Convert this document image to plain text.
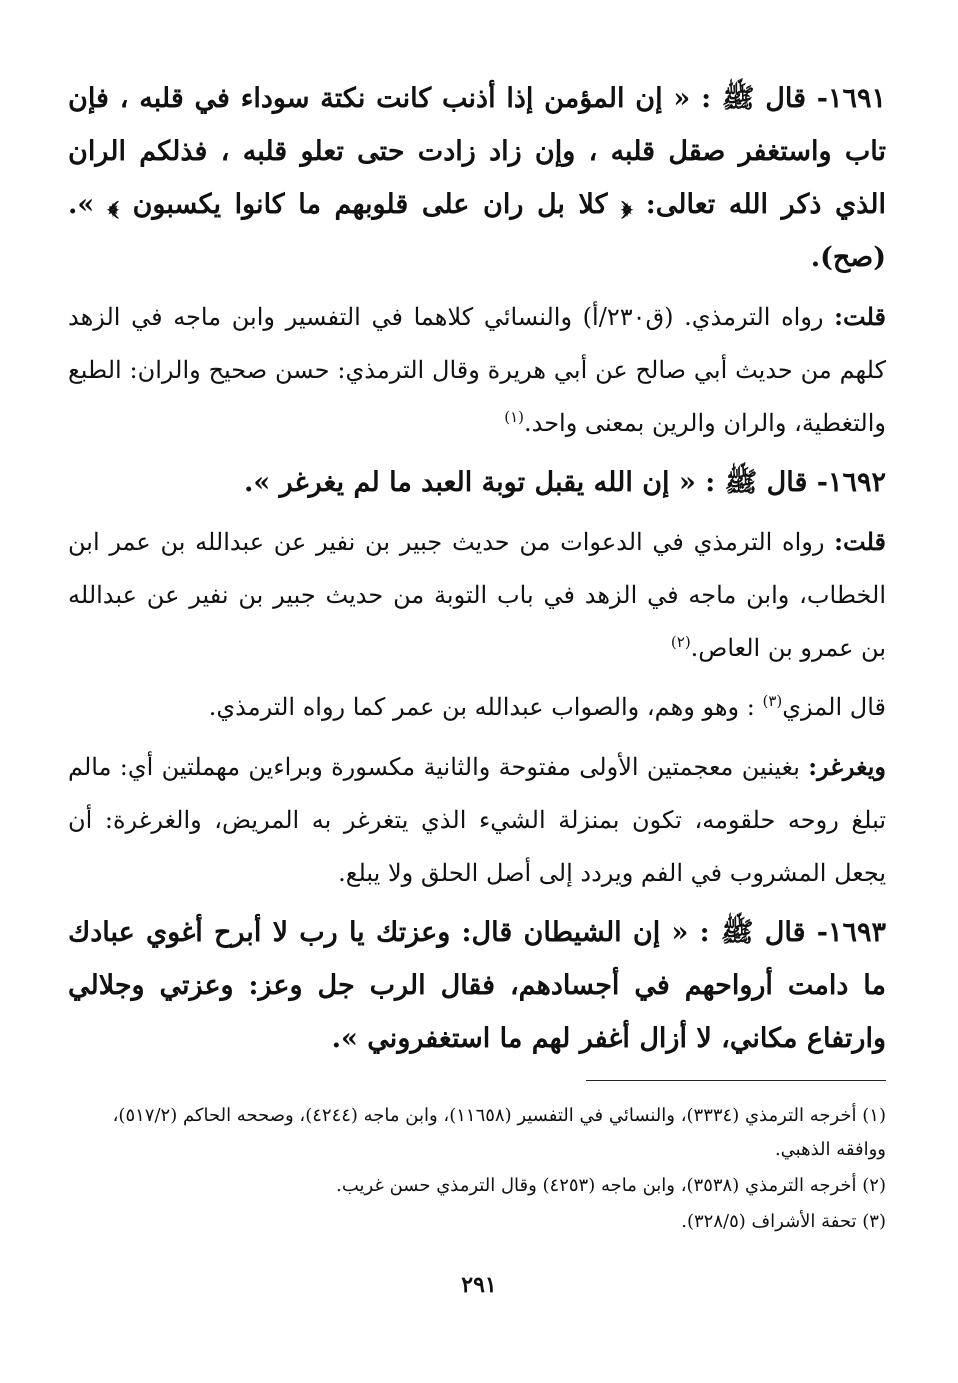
١٦٩١- قال ﷺ : « إن المؤمن إذا أذنب كانت نكتة سوداء في قلبه ، فإن تاب واستغفر صقل قلبه ، وإن زاد زادت حتى تعلو قلبه ، فذلكم الران الذي ذكر الله تعالى: ﴿ كلا بل ران على قلوبهم ما كانوا يكسبون ﴾ ». (صح).

قلت: رواه الترمذي. (ق٢٣٠/أ) والنسائي كلاهما في التفسير وابن ماجه في الزهد كلهم من حديث أبي صالح عن أبي هريرة وقال الترمذي: حسن صحيح والران: الطبع والتغطية، والران والرين بمعنى واحد.$^{(١)}$

١٦٩٢- قال ﷺ : « إن الله يقبل توبة العبد ما لم يغرغر ».

قلت: رواه الترمذي في الدعوات من حديث جبير بن نفير عن عبدالله بن عمر ابن الخطاب، وابن ماجه في الزهد في باب التوبة من حديث جبير بن نفير عن عبدالله بن عمرو بن العاص.$^{(٢)}$

قال المزي$^{(٣)}$ : وهو وهم، والصواب عبدالله بن عمر كما رواه الترمذي.

ويغرغر: بغينين معجمتين الأولى مفتوحة والثانية مكسورة وبراءين مهملتين أي: مالم تبلغ روحه حلقومه، تكون بمنزلة الشيء الذي يتغرغر به المريض، والغرغرة: أن يجعل المشروب في الفم ويردد إلى أصل الحلق ولا يبلع.

١٦٩٣- قال ﷺ : « إن الشيطان قال: وعزتك يا رب لا أبرح أغوي عبادك ما دامت أرواحهم في أجسادهم، فقال الرب جل وعز: وعزتي وجلالي وارتفاع مكاني، لا أزال أغفر لهم ما استغفروني ».

(١) أخرجه الترمذي (٣٣٣٤)، والنسائي في التفسير (١١٦٥٨)، وابن ماجه (٤٢٤٤)، وصححه الحاكم (٥١٧/٢)، ووافقه الذهبي.

(٢) أخرجه الترمذي (٣٥٣٨)، وابن ماجه (٤٢٥٣) وقال الترمذي حسن غريب.

(٣) تحفة الأشراف (٣٢٨/٥).

٢٩١
